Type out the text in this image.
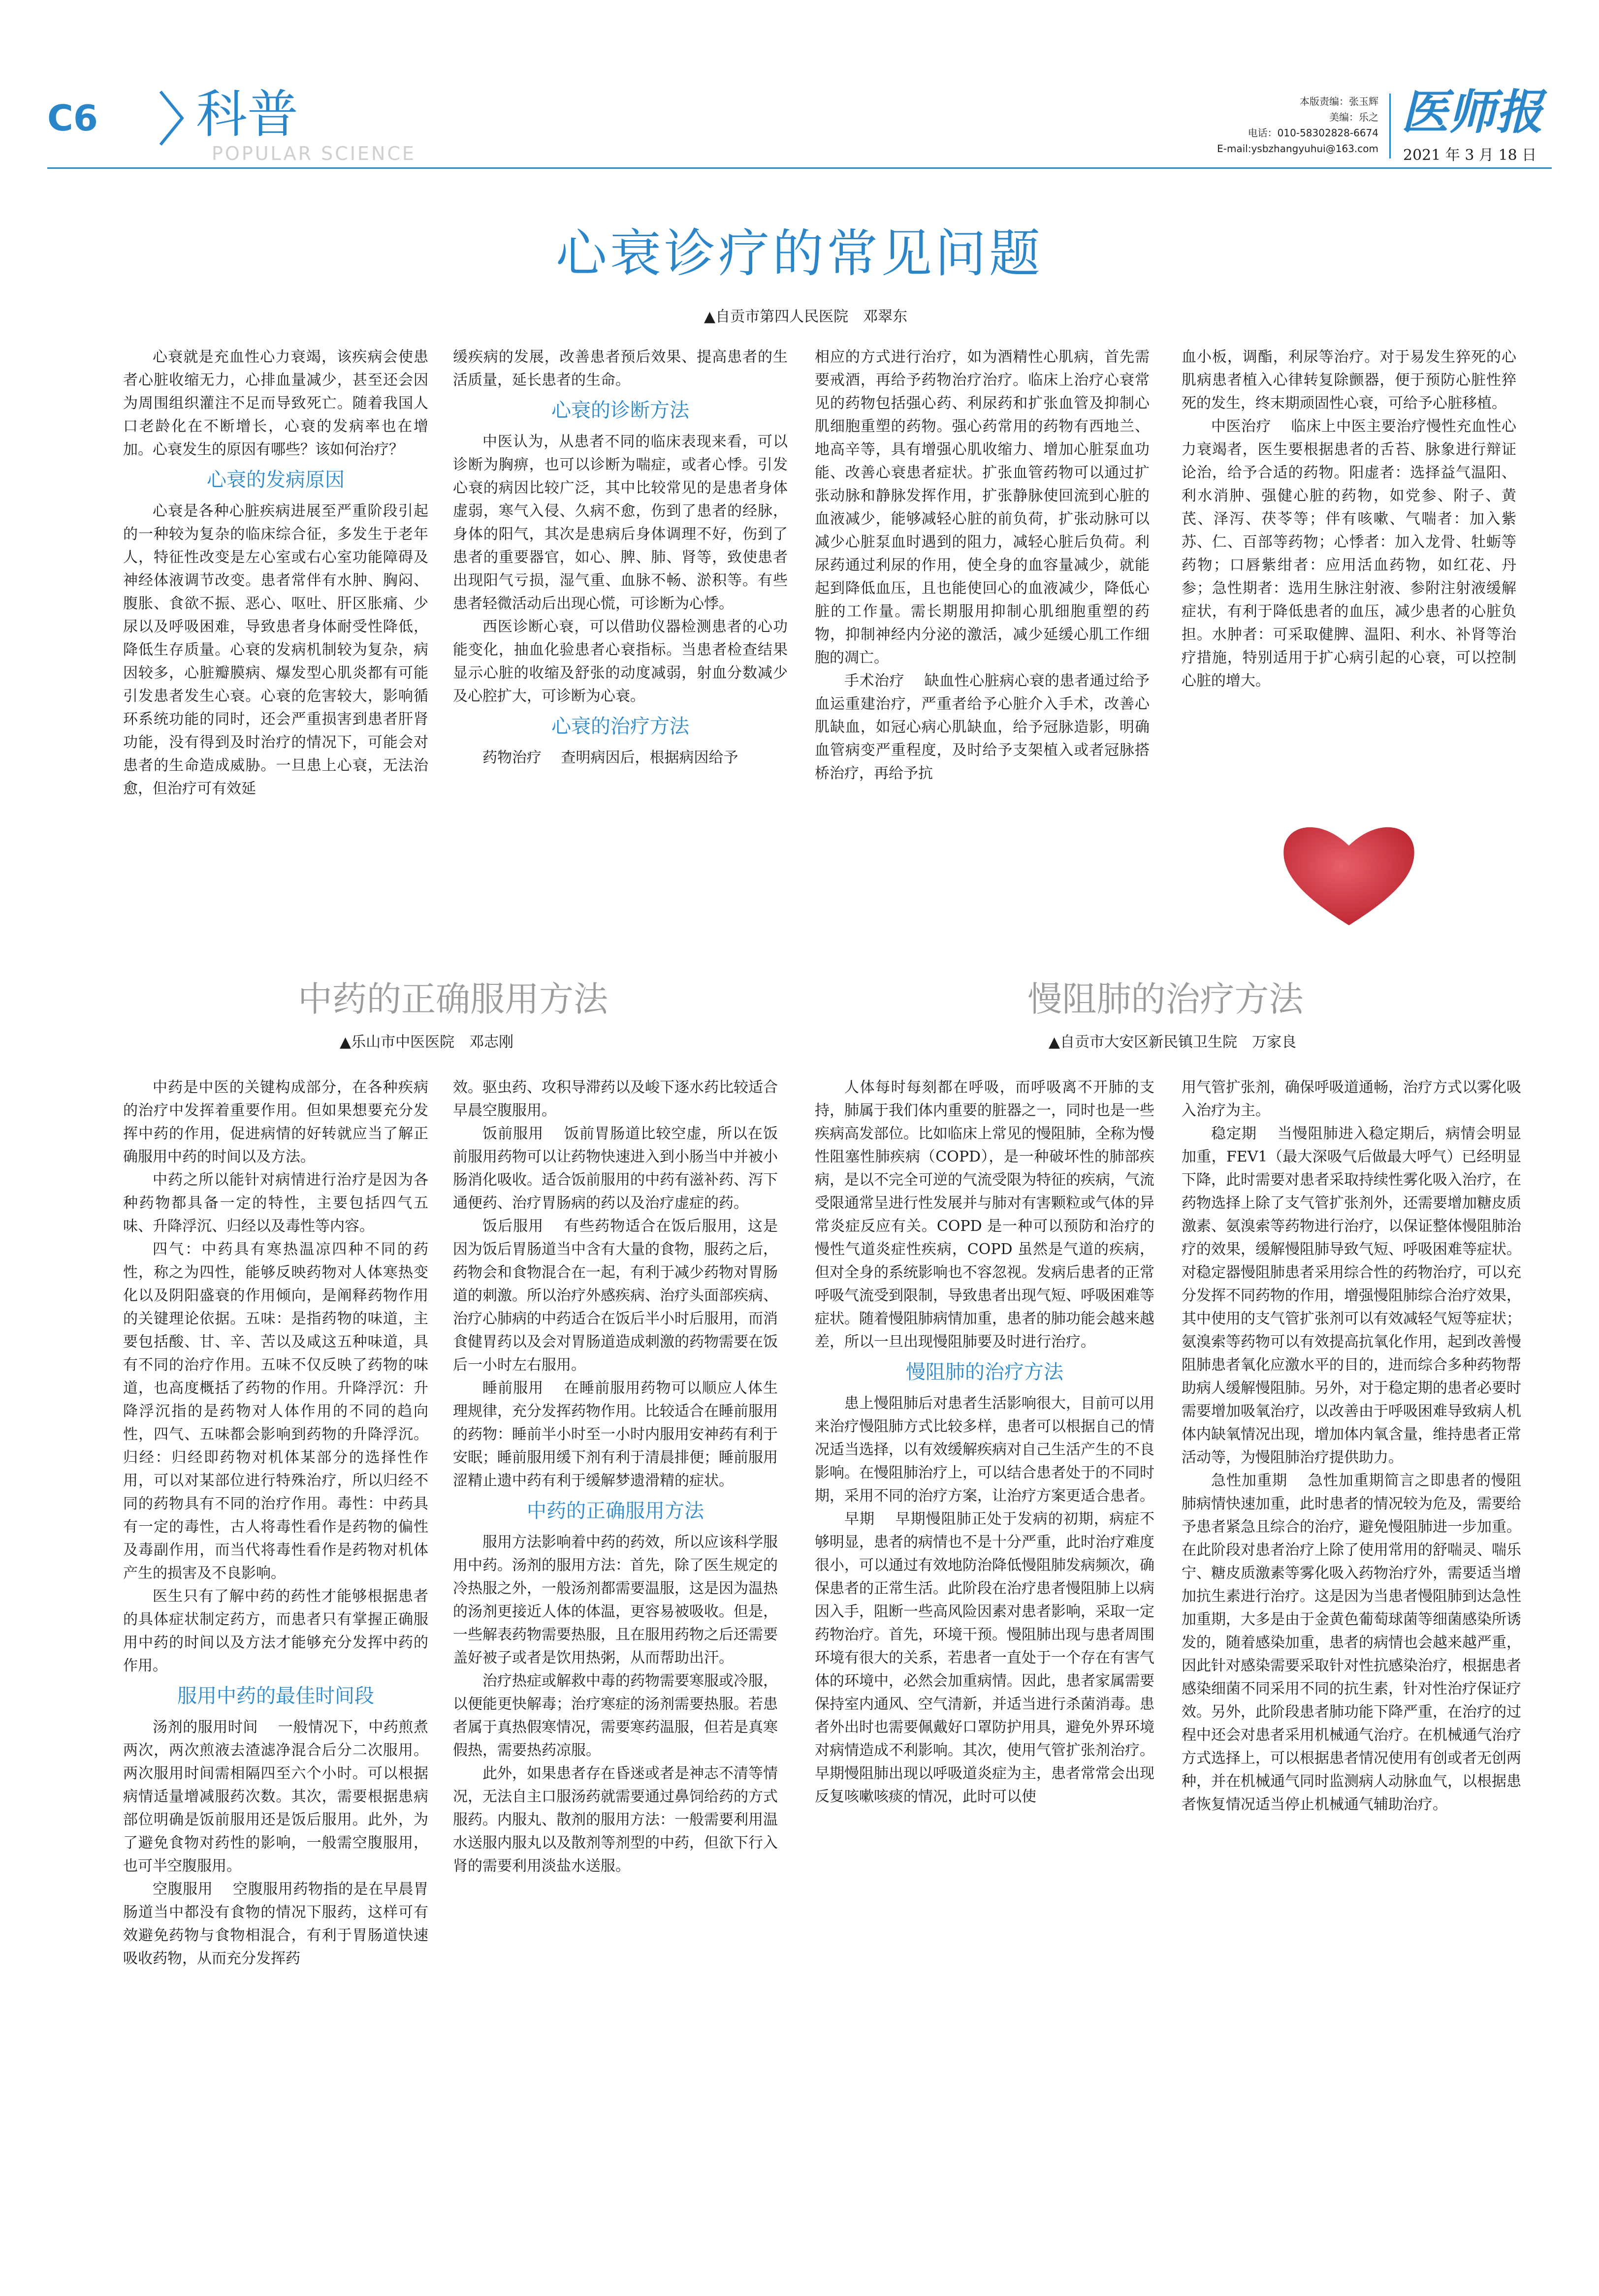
C6 科普
POPULAR SCIENCE
本版责编：张玉辉
美编：乐之
电话：010-58302828-6674
E-mail:ysbzhangyuhui@163.com
医师报
2021 年 3 月 18 日
心衰诊疗的常见问题
▲自贡市第四人民医院　邓翠东

心衰就是充血性心力衰竭，该疾病会使患者心脏收缩无力，心排血量减少，甚至还会因为周围组织灌注不足而导致死亡。随着我国人口老龄化在不断增长，心衰的发病率也在增加。心衰发生的原因有哪些？该如何治疗？

心衰的发病原因

心衰是各种心脏疾病进展至严重阶段引起的一种较为复杂的临床综合征，多发生于老年人，特征性改变是左心室或右心室功能障碍及神经体液调节改变。患者常伴有水肿、胸闷、腹胀、食欲不振、恶心、呕吐、肝区胀痛、少尿以及呼吸困难，导致患者身体耐受性降低，降低生存质量。心衰的发病机制较为复杂，病因较多，心脏瓣膜病、爆发型心肌炎都有可能引发患者发生心衰。心衰的危害较大，影响循环系统功能的同时，还会严重损害到患者肝肾功能，没有得到及时治疗的情况下，可能会对患者的生命造成威胁。一旦患上心衰，无法治愈，但治疗可有效延

缓疾病的发展，改善患者预后效果、提高患者的生活质量，延长患者的生命。

心衰的诊断方法

中医认为，从患者不同的临床表现来看，可以诊断为胸痹，也可以诊断为喘症，或者心悸。引发心衰的病因比较广泛，其中比较常见的是患者身体虚弱，寒气入侵、久病不愈，伤到了患者的经脉，身体的阳气，其次是患病后身体调理不好，伤到了患者的重要器官，如心、脾、肺、肾等，致使患者出现阳气亏损，湿气重、血脉不畅、淤积等。有些患者轻微活动后出现心慌，可诊断为心悸。

西医诊断心衰，可以借助仪器检测患者的心功能变化，抽血化验患者心衰指标。当患者检查结果显示心脏的收缩及舒张的动度减弱，射血分数减少及心腔扩大，可诊断为心衰。

心衰的治疗方法

药物治疗　 查明病因后，根据病因给予

相应的方式进行治疗，如为酒精性心肌病，首先需要戒酒，再给予药物治疗治疗。临床上治疗心衰常见的药物包括强心药、利尿药和扩张血管及抑制心肌细胞重塑的药物。强心药常用的药物有西地兰、地高辛等，具有增强心肌收缩力、增加心脏泵血功能、改善心衰患者症状。扩张血管药物可以通过扩张动脉和静脉发挥作用，扩张静脉使回流到心脏的血液减少，能够减轻心脏的前负荷，扩张动脉可以减少心脏泵血时遇到的阻力，减轻心脏后负荷。利尿药通过利尿的作用，使全身的血容量减少，就能起到降低血压，且也能使回心的血液减少，降低心脏的工作量。需长期服用抑制心肌细胞重塑的药物，抑制神经内分泌的激活，减少延缓心肌工作细胞的凋亡。

手术治疗　 缺血性心脏病心衰的患者通过给予血运重建治疗，严重者给予心脏介入手术，改善心肌缺血，如冠心病心肌缺血，给予冠脉造影，明确血管病变严重程度，及时给予支架植入或者冠脉搭桥治疗，再给予抗

血小板，调酯，利尿等治疗。对于易发生猝死的心肌病患者植入心律转复除颤器，便于预防心脏性猝死的发生，终末期顽固性心衰，可给予心脏移植。

中医治疗　 临床上中医主要治疗慢性充血性心力衰竭者，医生要根据患者的舌苔、脉象进行辩证论治，给予合适的药物。阳虚者：选择益气温阳、利水消肿、强健心脏的药物，如党参、附子、黄芪、泽泻、茯苓等；伴有咳嗽、气喘者：加入紫苏、仁、百部等药物；心悸者：加入龙骨、牡蛎等药物；口唇紫绀者：应用活血药物，如红花、丹参；急性期者：选用生脉注射液、参附注射液缓解症状，有利于降低患者的血压，减少患者的心脏负担。水肿者：可采取健脾、温阳、利水、补肾等治疗措施，特别适用于扩心病引起的心衰，可以控制心脏的增大。

中药的正确服用方法
▲乐山市中医医院　邓志刚

中药是中医的关键构成部分，在各种疾病的治疗中发挥着重要作用。但如果想要充分发挥中药的作用，促进病情的好转就应当了解正确服用中药的时间以及方法。

中药之所以能针对病情进行治疗是因为各种药物都具备一定的特性，主要包括四气五味、升降浮沉、归经以及毒性等内容。

四气：中药具有寒热温凉四种不同的药性，称之为四性，能够反映药物对人体寒热变化以及阴阳盛衰的作用倾向，是阐释药物作用的关键理论依据。五味：是指药物的味道，主要包括酸、甘、辛、苦以及咸这五种味道，具有不同的治疗作用。五味不仅反映了药物的味道，也高度概括了药物的作用。升降浮沉：升降浮沉指的是药物对人体作用的不同的趋向性，四气、五味都会影响到药物的升降浮沉。归经：归经即药物对机体某部分的选择性作用，可以对某部位进行特殊治疗，所以归经不同的药物具有不同的治疗作用。毒性：中药具有一定的毒性，古人将毒性看作是药物的偏性及毒副作用，而当代将毒性看作是药物对机体产生的损害及不良影响。

医生只有了解中药的药性才能够根据患者的具体症状制定药方，而患者只有掌握正确服用中药的时间以及方法才能够充分发挥中药的作用。

服用中药的最佳时间段

汤剂的服用时间　 一般情况下，中药煎煮两次，两次煎液去渣滤净混合后分二次服用。两次服用时间需相隔四至六个小时。可以根据病情适量增减服药次数。其次，需要根据患病部位明确是饭前服用还是饭后服用。此外，为了避免食物对药性的影响，一般需空腹服用，也可半空腹服用。

空腹服用　 空腹服用药物指的是在早晨胃肠道当中都没有食物的情况下服药，这样可有效避免药物与食物相混合，有利于胃肠道快速吸收药物，从而充分发挥药

效。驱虫药、攻积导滞药以及峻下逐水药比较适合早晨空腹服用。

饭前服用　 饭前胃肠道比较空虚，所以在饭前服用药物可以让药物快速进入到小肠当中并被小肠消化吸收。适合饭前服用的中药有滋补药、泻下通便药、治疗胃肠病的药以及治疗虚症的药。

饭后服用　 有些药物适合在饭后服用，这是因为饭后胃肠道当中含有大量的食物，服药之后，药物会和食物混合在一起，有利于减少药物对胃肠道的刺激。所以治疗外感疾病、治疗头面部疾病、治疗心肺病的中药适合在饭后半小时后服用，而消食健胃药以及会对胃肠道造成刺激的药物需要在饭后一小时左右服用。

睡前服用　 在睡前服用药物可以顺应人体生理规律，充分发挥药物作用。比较适合在睡前服用的药物：睡前半小时至一小时内服用安神药有利于安眠；睡前服用缓下剂有利于清晨排便；睡前服用涩精止遗中药有利于缓解梦遗滑精的症状。

中药的正确服用方法

服用方法影响着中药的药效，所以应该科学服用中药。汤剂的服用方法：首先，除了医生规定的冷热服之外，一般汤剂都需要温服，这是因为温热的汤剂更接近人体的体温，更容易被吸收。但是，一些解表药物需要热服，且在服用药物之后还需要盖好被子或者是饮用热粥，从而帮助出汗。

治疗热症或解救中毒的药物需要寒服或冷服，以便能更快解毒；治疗寒症的汤剂需要热服。若患者属于真热假寒情况，需要寒药温服，但若是真寒假热，需要热药凉服。

此外，如果患者存在昏迷或者是神志不清等情况，无法自主口服汤药就需要通过鼻饲给药的方式服药。内服丸、散剂的服用方法：一般需要利用温水送服内服丸以及散剂等剂型的中药，但欲下行入肾的需要利用淡盐水送服。

慢阻肺的治疗方法
▲自贡市大安区新民镇卫生院　万家良

人体每时每刻都在呼吸，而呼吸离不开肺的支持，肺属于我们体内重要的脏器之一，同时也是一些疾病高发部位。比如临床上常见的慢阻肺，全称为慢性阻塞性肺疾病（COPD），是一种破坏性的肺部疾病，是以不完全可逆的气流受限为特征的疾病，气流受限通常呈进行性发展并与肺对有害颗粒或气体的异常炎症反应有关。COPD 是一种可以预防和治疗的慢性气道炎症性疾病，COPD 虽然是气道的疾病，但对全身的系统影响也不容忽视。发病后患者的正常呼吸气流受到限制，导致患者出现气短、呼吸困难等症状。随着慢阻肺病情加重，患者的肺功能会越来越差，所以一旦出现慢阻肺要及时进行治疗。

慢阻肺的治疗方法

患上慢阻肺后对患者生活影响很大，目前可以用来治疗慢阻肺方式比较多样，患者可以根据自己的情况适当选择，以有效缓解疾病对自己生活产生的不良影响。在慢阻肺治疗上，可以结合患者处于的不同时期，采用不同的治疗方案，让治疗方案更适合患者。

早期　 早期慢阻肺正处于发病的初期，病症不够明显，患者的病情也不是十分严重，此时治疗难度很小，可以通过有效地防治降低慢阻肺发病频次，确保患者的正常生活。此阶段在治疗患者慢阻肺上以病因入手，阻断一些高风险因素对患者影响，采取一定药物治疗。首先，环境干预。慢阻肺出现与患者周围环境有很大的关系，若患者一直处于一个存在有害气体的环境中，必然会加重病情。因此，患者家属需要保持室内通风、空气清新，并适当进行杀菌消毒。患者外出时也需要佩戴好口罩防护用具，避免外界环境对病情造成不利影响。其次，使用气管扩张剂治疗。早期慢阻肺出现以呼吸道炎症为主，患者常常会出现反复咳嗽咳痰的情况，此时可以使

用气管扩张剂，确保呼吸道通畅，治疗方式以雾化吸入治疗为主。

稳定期　 当慢阻肺进入稳定期后，病情会明显加重，FEV1（最大深吸气后做最大呼气）已经明显下降，此时需要对患者采取持续性雾化吸入治疗，在药物选择上除了支气管扩张剂外，还需要增加糖皮质激素、氨溴索等药物进行治疗，以保证整体慢阻肺治疗的效果，缓解慢阻肺导致气短、呼吸困难等症状。对稳定器慢阻肺患者采用综合性的药物治疗，可以充分发挥不同药物的作用，增强慢阻肺综合治疗效果，其中使用的支气管扩张剂可以有效减轻气短等症状；氨溴索等药物可以有效提高抗氧化作用，起到改善慢阻肺患者氧化应激水平的目的，进而综合多种药物帮助病人缓解慢阻肺。另外，对于稳定期的患者必要时需要增加吸氧治疗，以改善由于呼吸困难导致病人机体内缺氧情况出现，增加体内氧含量，维持患者正常活动等，为慢阻肺治疗提供助力。

急性加重期　 急性加重期简言之即患者的慢阻肺病情快速加重，此时患者的情况较为危及，需要给予患者紧急且综合的治疗，避免慢阻肺进一步加重。在此阶段对患者治疗上除了使用常用的舒喘灵、喘乐宁、糖皮质激素等雾化吸入药物治疗外，需要适当增加抗生素进行治疗。这是因为当患者慢阻肺到达急性加重期，大多是由于金黄色葡萄球菌等细菌感染所诱发的，随着感染加重，患者的病情也会越来越严重，因此针对感染需要采取针对性抗感染治疗，根据患者感染细菌不同采用不同的抗生素，针对性治疗保证疗效。另外，此阶段患者肺功能下降严重，在治疗的过程中还会对患者采用机械通气治疗。在机械通气治疗方式选择上，可以根据患者情况使用有创或者无创两种，并在机械通气同时监测病人动脉血气，以根据患者恢复情况适当停止机械通气辅助治疗。
